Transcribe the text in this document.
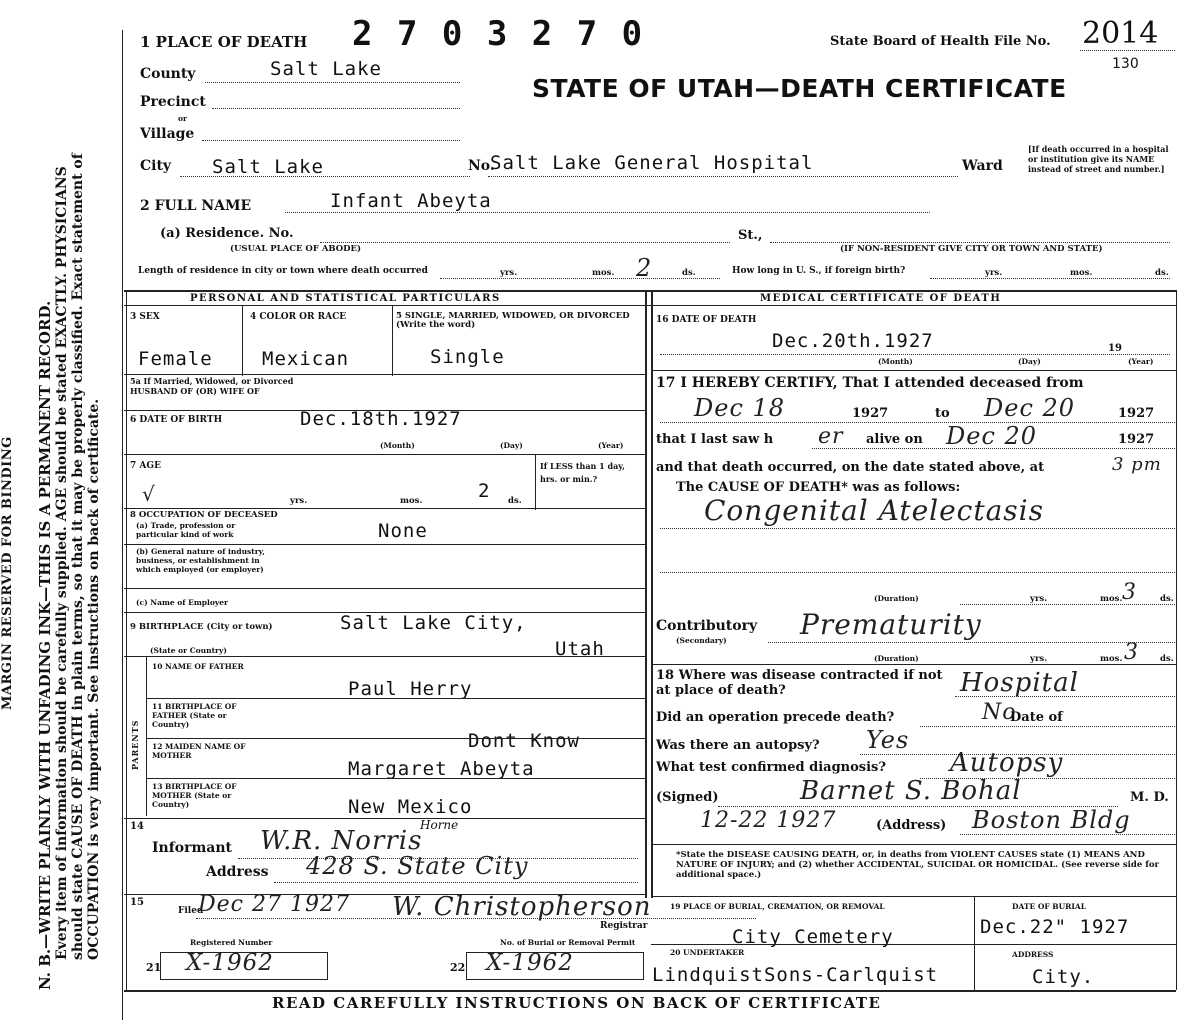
MARGIN RESERVED FOR BINDING N. B.—WRITE PLAINLY WITH UNFADING INK—THIS IS A PERMANENT RECORD. Every item of information should be carefully supplied. AGE should be stated EXACTLY. PHYSICIANS should state CAUSE OF DEATH in plain terms, so that it may be properly classified. Exact statement of OCCUPATION is very important. See instructions on back of certificate.
1 PLACE OF DEATH 2 7 0 3 2 7 0	State Board of Health File No. 2014
130
STATE OF UTAH—DEATH CERTIFICATE
County	Salt Lake
Precinct
or
Village
City Salt Lake	No.
Salt Lake General Hospital	Ward
[If death occurred in a hospital or institution give its NAME instead of street and number.]
2 FULL NAME	Infant Abeyta
(a) Residence. No.
(USUAL PLACE OF ABODE)
St.,
(IF NON-RESIDENT GIVE CITY OR TOWN AND STATE)
Length of residence in city or town where death occurred	yrs.	mos. 2	ds.	How long in U. S., if foreign birth?	yrs.	mos.	ds.
PERSONAL AND STATISTICAL PARTICULARS
3 SEX	4 COLOR OR RACE	5 SINGLE, MARRIED, WIDOWED, OR DIVORCED (Write the word)
Female	Mexican	Single
5a If Married, Widowed, or Divorced HUSBAND OF (OR) WIFE OF
6 DATE OF BIRTH	Dec.18th.1927
(Month)	(Day)	(Year)
7 AGE
√	yrs.	mos.	2 ds.
If LESS than 1 day, hrs. or min.?
8 OCCUPATION OF DECEASED
(a) Trade, profession or particular kind of work	None
(b) General nature of industry, business, or establishment in which employed (or employer)
(c) Name of Employer
9 BIRTHPLACE (City or town)	Salt Lake City,
(State or Country)	Utah
PARENTS
10 NAME OF FATHER
Paul Herry
11 BIRTHPLACE OF FATHER (State or Country)
Dont Know
12 MAIDEN NAME OF MOTHER
Margaret Abeyta
13 BIRTHPLACE OF MOTHER (State or Country)	New Mexico
14
Informant W.R. Norris
Horne
Address 428 S. State City
15
Filed
Dec 27 1927 W. Christopherson
Registrar
Registered Number	No. of Burial or Removal Permit
21 X-1962	22 X-1962
MEDICAL CERTIFICATE OF DEATH
16 DATE OF DEATH
Dec.20th.1927	19
(Month)	(Day)	(Year)
17 I HEREBY CERTIFY, That I attended deceased from
Dec 18	1927	to Dec 20	1927
that I last saw h er alive on Dec 20	1927
and that death occurred, on the date stated above, at	3 pm
The CAUSE OF DEATH* was as follows:
Congenital Atelectasis
(Duration)	yrs.	mos. 3	ds.
Contributory
(Secondary)	Prematurity
(Duration)	yrs.	mos. 3 ds.
18 Where was disease contracted if not at place of death?	Hospital
Did an operation precede death?	No
Date of
Was there an autopsy? Yes
What test confirmed diagnosis? Autopsy
(Signed)	Barnet S. Bohal	M. D.
12-22 1927	(Address) Boston Bldg
*State the DISEASE CAUSING DEATH, or, in deaths from VIOLENT CAUSES state (1) MEANS AND NATURE OF INJURY; and (2) whether ACCIDENTAL, SUICIDAL OR HOMICIDAL. (See reverse side for additional space.)
19 PLACE OF BURIAL, CREMATION, OR REMOVAL
City Cemetery
DATE OF BURIAL
Dec.22" 1927
20 UNDERTAKER
LindquistSons-Carlquist
ADDRESS
City.
READ CAREFULLY INSTRUCTIONS ON BACK OF CERTIFICATE
